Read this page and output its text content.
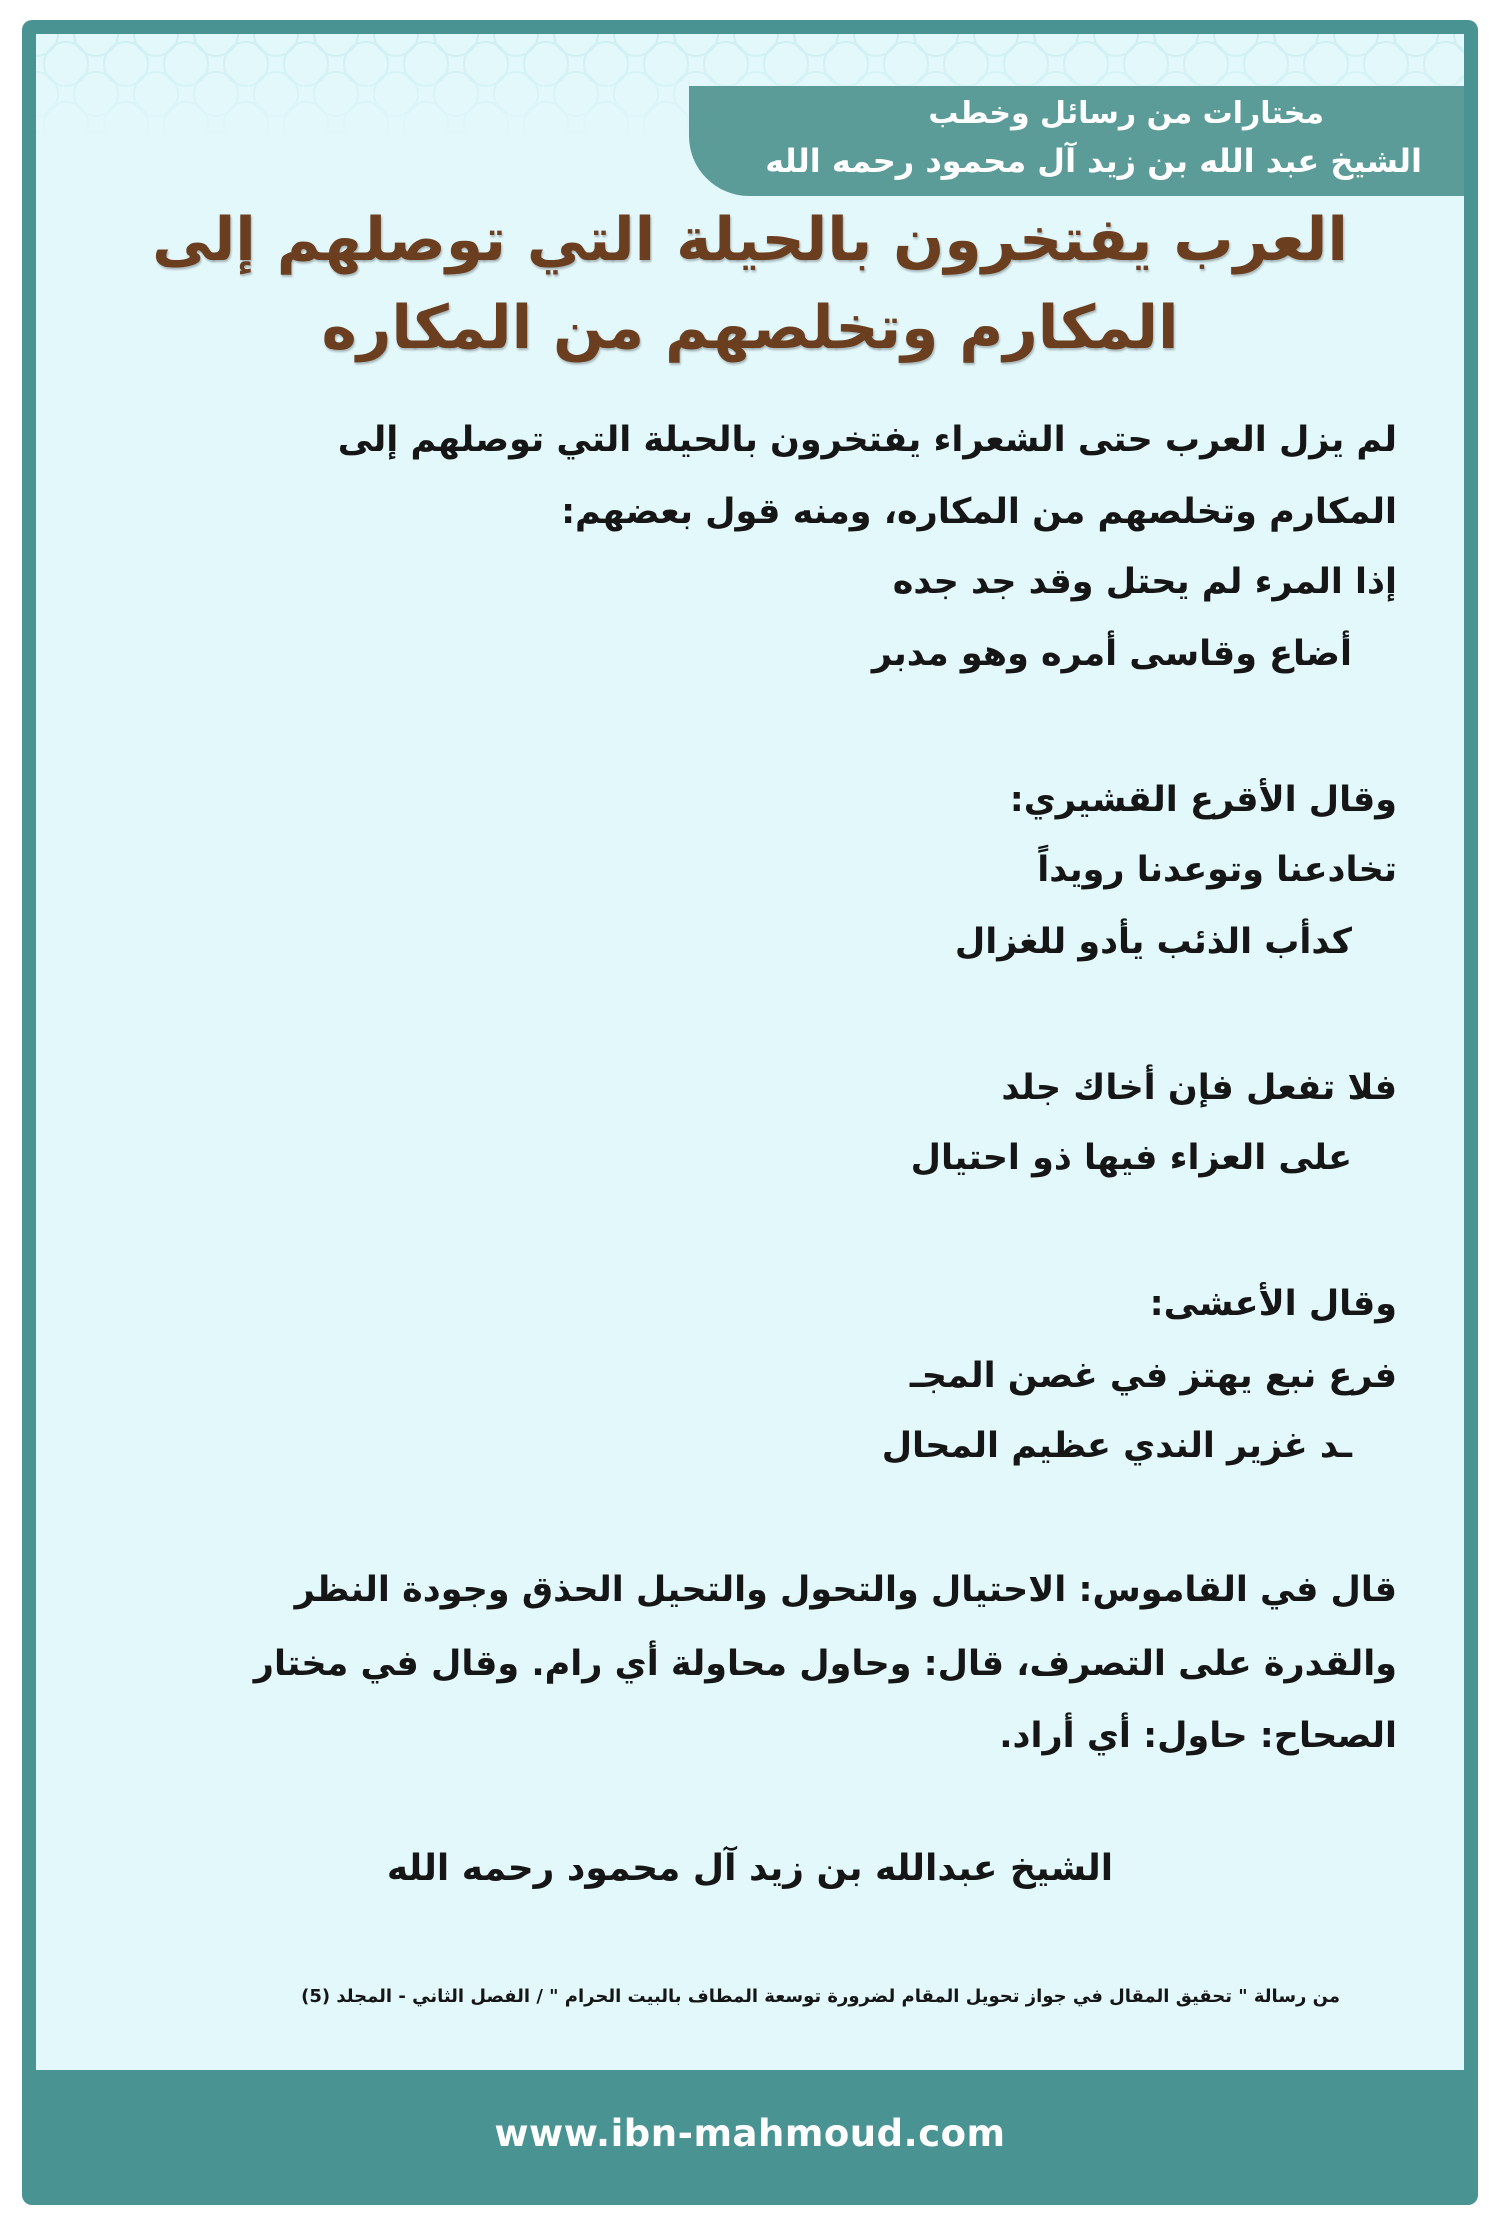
مختارات من رسائل وخطب
الشيخ عبد الله بن زيد آل محمود رحمه الله
العرب يفتخرون بالحيلة التي توصلهم إلى
المكارم وتخلصهم من المكاره
لم يزل العرب حتى الشعراء يفتخرون بالحيلة التي توصلهم إلى
المكارم وتخلصهم من المكاره، ومنه قول بعضهم:
إذا المرء لم يحتل وقد جد جده
أضاع وقاسى أمره وهو مدبر
وقال الأقرع القشيري:
تخادعنا وتوعدنا رويداً
كدأب الذئب يأدو للغزال
فلا تفعل فإن أخاك جلد
على العزاء فيها ذو احتيال
وقال الأعشى:
فرع نبع يهتز في غصن المجـ
ـد غزير الندي عظيم المحال
قال في القاموس: الاحتيال والتحول والتحيل الحذق وجودة النظر
والقدرة على التصرف، قال: وحاول محاولة أي رام. وقال في مختار
الصحاح: حاول: أي أراد.
الشيخ عبدالله بن زيد آل محمود رحمه الله
من رسالة " تحقيق المقال في جواز تحويل المقام لضرورة توسعة المطاف بالبيت الحرام " / الفصل الثاني - المجلد (5)
www.ibn-mahmoud.com
